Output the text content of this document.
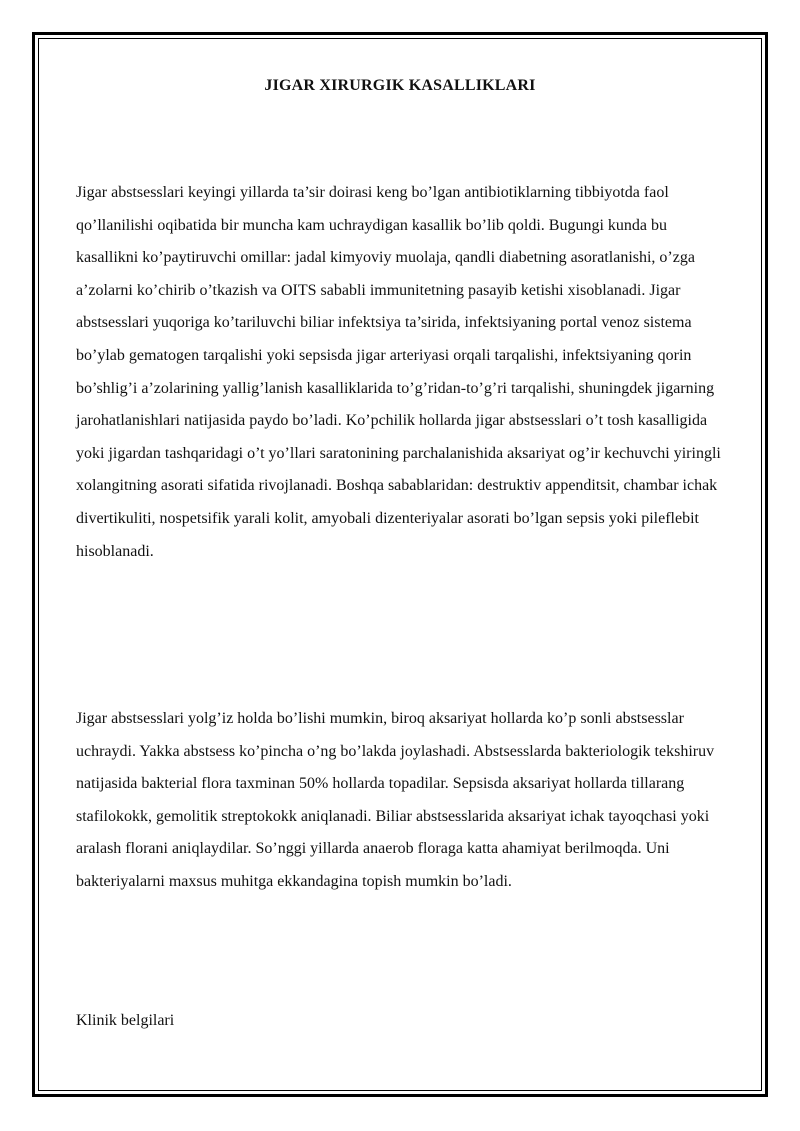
JIGAR XIRURGIK KASALLIKLARI

Jigar abstsesslari keyingi yillarda ta’sir doirasi keng bo’lgan antibiotiklarning tibbiyotda faol qo’llanilishi oqibatida bir muncha kam uchraydigan kasallik bo’lib qoldi. Bugungi kunda bu kasallikni ko’paytiruvchi omillar: jadal kimyoviy muolaja, qandli diabetning asoratlanishi, o’zga a’zolarni ko’chirib o’tkazish va OITS sababli immunitetning pasayib ketishi xisoblanadi. Jigar abstsesslari yuqoriga ko’tariluvchi biliar infektsiya ta’sirida, infektsiyaning portal venoz sistema bo’ylab gematogen tarqalishi yoki sepsisda jigar arteriyasi orqali tarqalishi, infektsiyaning qorin bo’shlig’i a’zolarining yallig’lanish kasalliklarida to’g’ridan-to’g’ri tarqalishi, shuningdek jigarning jarohatlanishlari natijasida paydo bo’ladi. Ko’pchilik hollarda jigar abstsesslari o’t tosh kasalligida yoki jigardan tashqaridagi o’t yo’llari saratonining parchalanishida aksariyat og’ir kechuvchi yiringli xolangitning asorati sifatida rivojlanadi. Boshqa sabablaridan: destruktiv appenditsit, chambar ichak divertikuliti, nospetsifik yarali kolit, amyobali dizenteriyalar asorati bo’lgan sepsis yoki pileflebit hisoblanadi.

Jigar abstsesslari yolg’iz holda bo’lishi mumkin, biroq aksariyat hollarda ko’p sonli abstsesslar uchraydi. Yakka abstsess ko’pincha o’ng bo’lakda joylashadi. Abstsesslarda bakteriologik tekshiruv natijasida bakterial flora taxminan 50% hollarda topadilar. Sepsisda aksariyat hollarda tillarang stafilokokk, gemolitik streptokokk aniqlanadi. Biliar abstsesslarida aksariyat ichak tayoqchasi yoki aralash florani aniqlaydilar. So’nggi yillarda anaerob floraga katta ahamiyat berilmoqda. Uni bakteriyalarni maxsus muhitga ekkandagina topish mumkin bo’ladi.

Klinik belgilari
